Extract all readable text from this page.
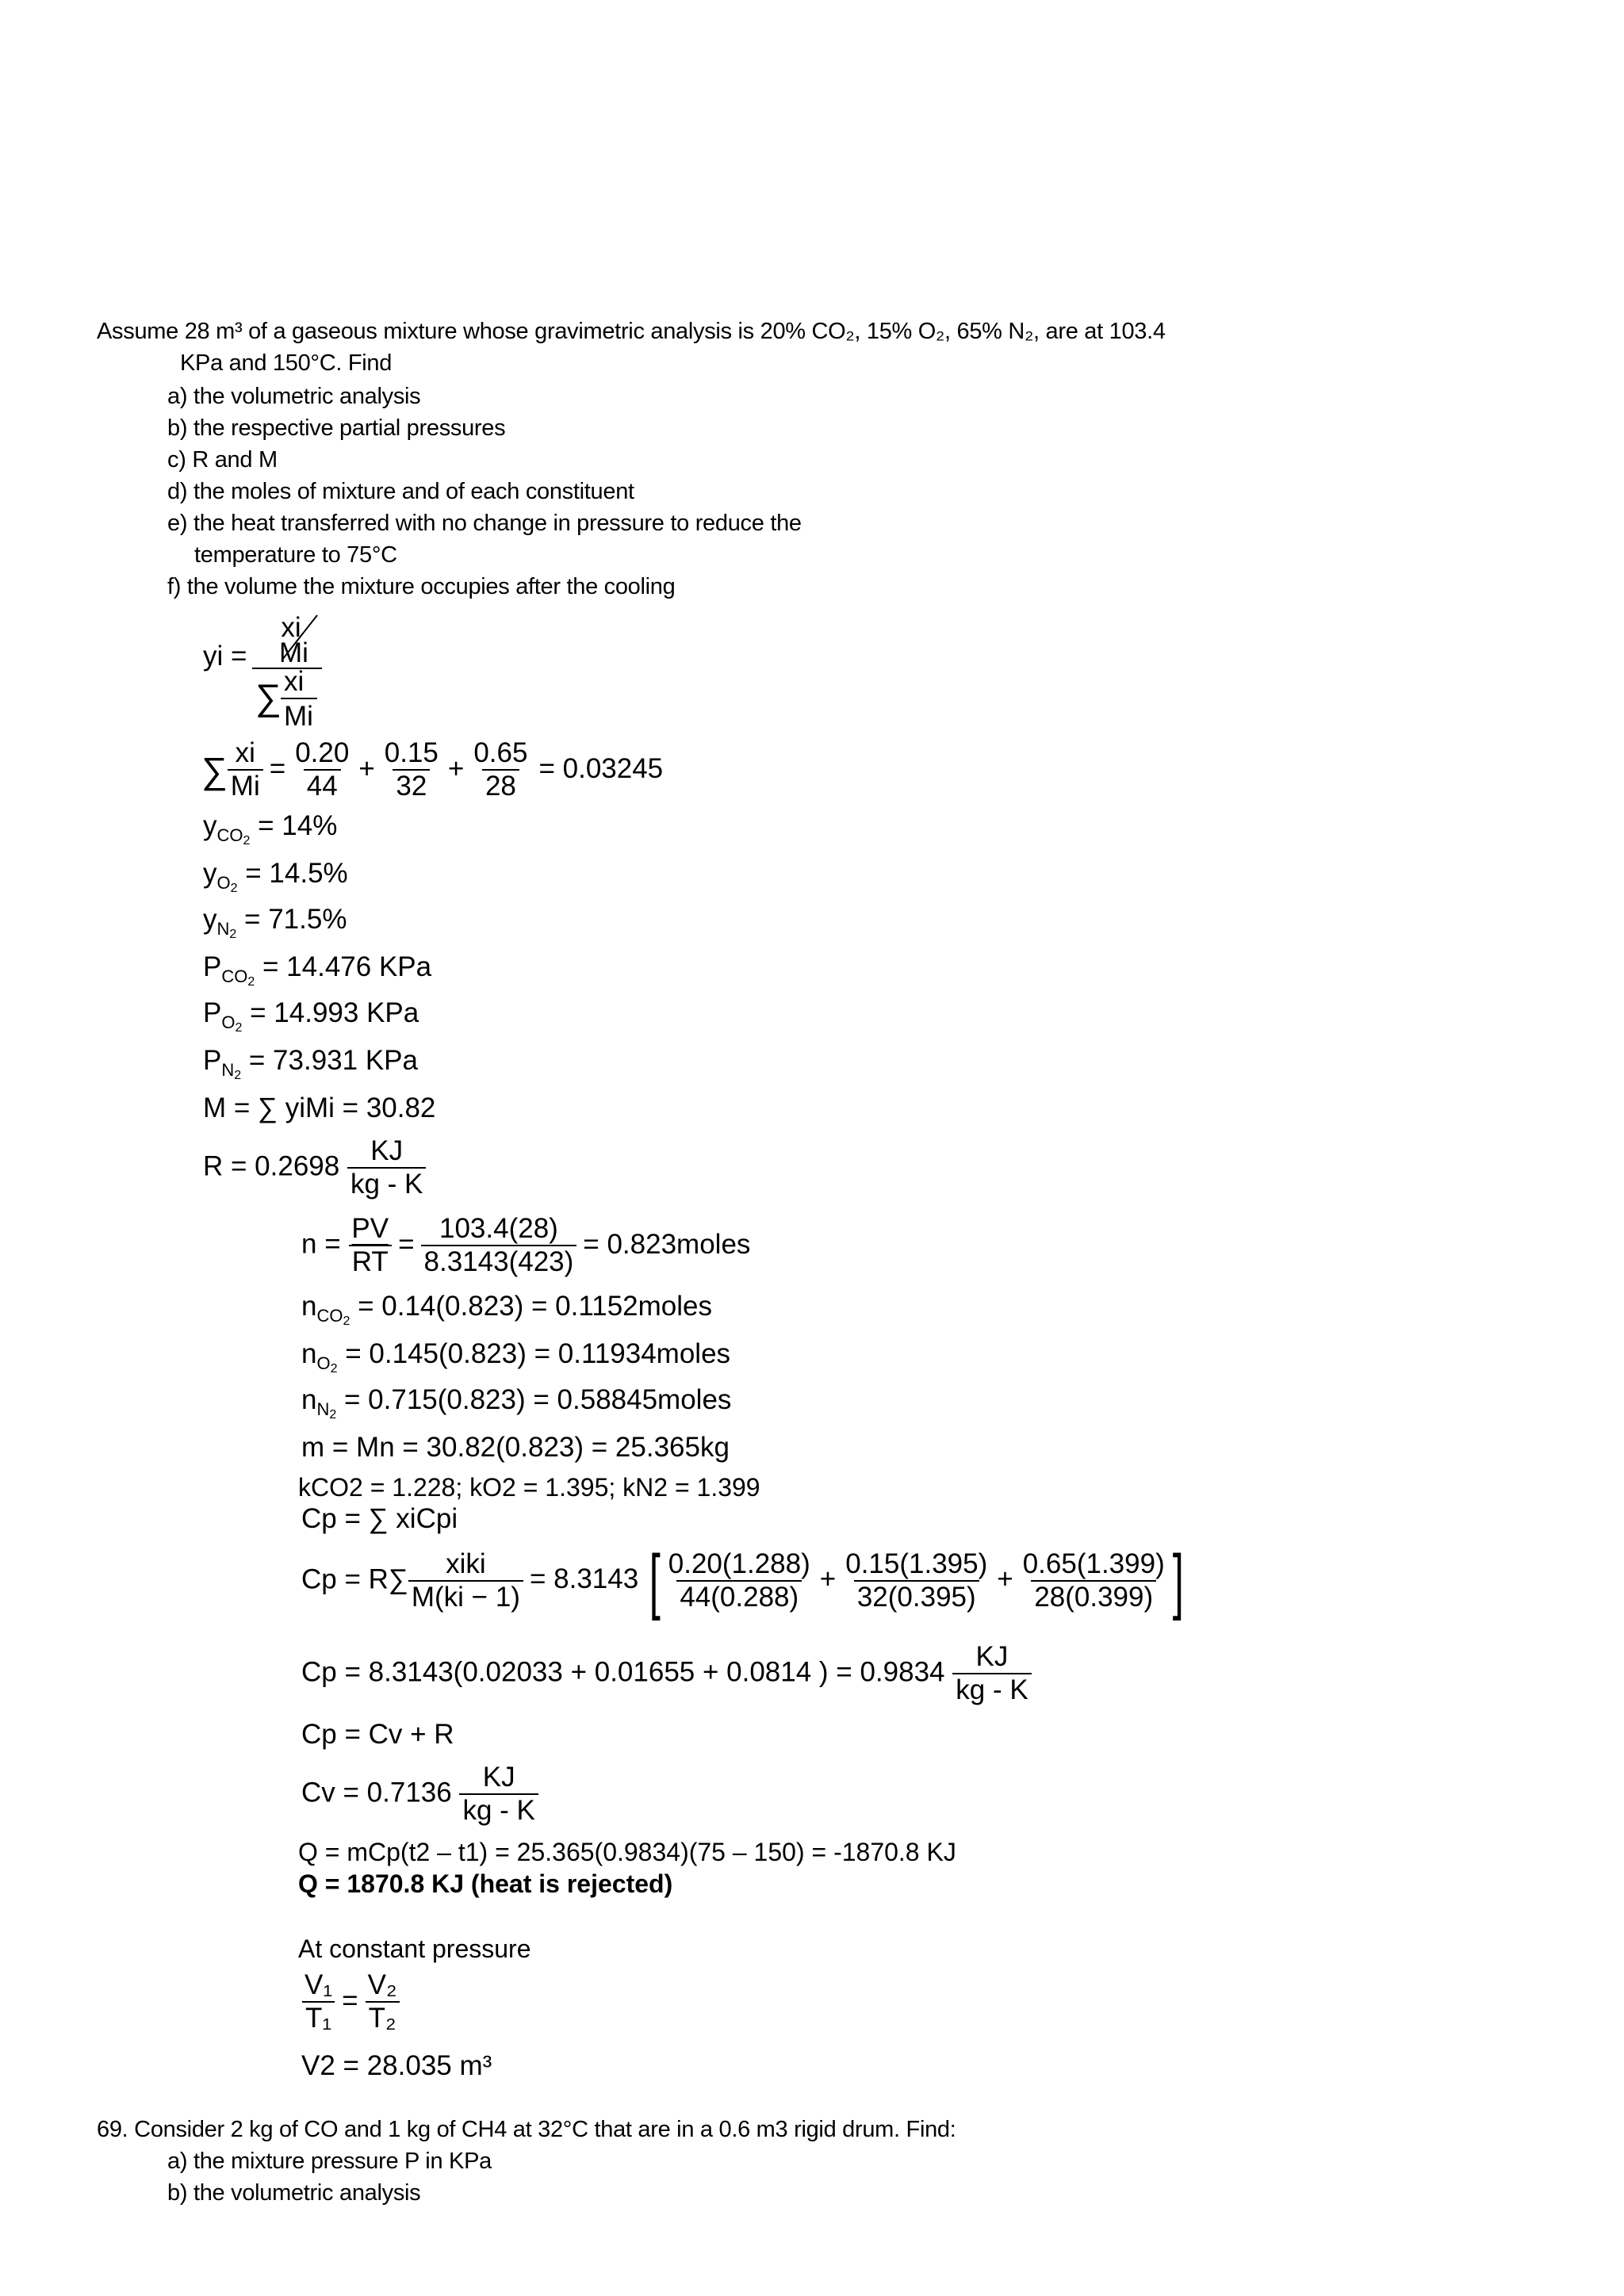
Assume 28 m³ of a gaseous mixture whose gravimetric analysis is 20% CO₂, 15% O₂, 65% N₂, are at 103.4
KPa and 150°C. Find
a) the volumetric analysis
b) the respective partial pressures
c) R and M
d) the moles of mixture and of each constituent
e) the heat transferred with no change in pressure to reduce the
temperature to 75°C
f) the volume the mixture occupies after the cooling
yi =
xi
Mi
∑ xi
Mi
∑ $\frac{xi}{Mi} = \frac{0.20}{44} + \frac{0.15}{32} + \frac{0.65}{28} = 0.03245$
$y_{CO_2} = 14\%$
$y_{O_2} = 14.5\%$
$y_{N_2} = 71.5\%$
$P_{CO_2} = 14.476$ KPa
$P_{O_2} = 14.993$ KPa
$P_{N_2} = 73.931$ KPa
M = ∑ yiMi = 30.82
$R = 0.2698 \frac{KJ}{kg - K}$
$n = \frac{PV}{RT} = \frac{103.4(28)}{8.3143(423)}$ = 0.823moles
$n_{CO_2} = 0.14(0.823)$ = 0.1152moles
$n_{O_2} = 0.145(0.823)$ = 0.11934moles
$n_{N_2} = 0.715(0.823)$ = 0.58845moles
m = Mn = 30.82(0.823) = 25.365kg
kCO2 = 1.228; kO2 = 1.395; kN2 = 1.399
Cp = ∑ xiCpi
$Cp = R\sum \frac{\text{xiki}}{M(ki - 1)} = 8.3143$ [ $\frac{0.20(1.288)}{44(0.288)} + \frac{0.15(1.395)}{32(0.395)} + \frac{0.65(1.399)}{28(0.399)}$ ]
Cp = 8.3143(0.02033 + 0.01655 + 0.0814 ) = $0.9834 \frac{KJ}{kg - K}$
Cp = Cv + R
$Cv = 0.7136 \frac{KJ}{kg - K}$
Q = mCp(t2 – t1) = 25.365(0.9834)(75 – 150) = -1870.8 KJ
Q = 1870.8 KJ (heat is rejected)
At constant pressure
$\frac{\text{V₁}}{\text{T₁}} = \frac{\text{V₂}}{\text{T₂}}$
V2 = 28.035 m³
69. Consider 2 kg of CO and 1 kg of CH4 at 32°C that are in a 0.6 m3 rigid drum. Find:
a) the mixture pressure P in KPa
b) the volumetric analysis
